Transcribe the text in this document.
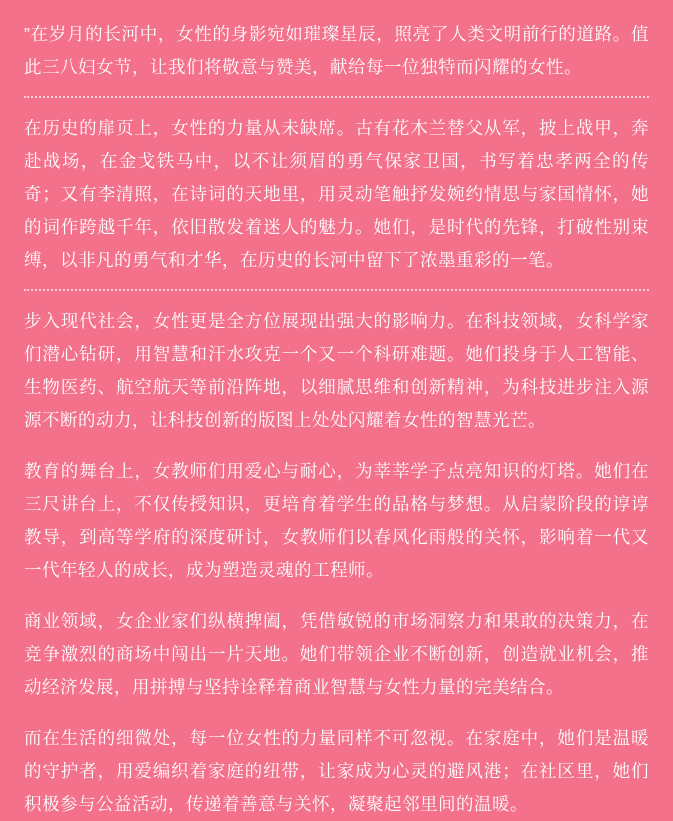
”在岁月的长河中，女性的身影宛如璀璨星辰，照亮了人类文明前行的道路。值此三八妇女节，让我们将敬意与赞美，献给每一位独特而闪耀的女性。

在历史的扉页上，女性的力量从未缺席。古有花木兰替父从军，披上战甲，奔赴战场，在金戈铁马中，以不让须眉的勇气保家卫国，书写着忠孝两全的传奇；又有李清照，在诗词的天地里，用灵动笔触抒发婉约情思与家国情怀，她的词作跨越千年，依旧散发着迷人的魅力。她们，是时代的先锋，打破性别束缚，以非凡的勇气和才华，在历史的长河中留下了浓墨重彩的一笔。

步入现代社会，女性更是全方位展现出强大的影响力。在科技领域，女科学家们潜心钻研，用智慧和汗水攻克一个又一个科研难题。她们投身于人工智能、生物医药、航空航天等前沿阵地，以细腻思维和创新精神，为科技进步注入源源不断的动力，让科技创新的版图上处处闪耀着女性的智慧光芒。

教育的舞台上，女教师们用爱心与耐心，为莘莘学子点亮知识的灯塔。她们在三尺讲台上，不仅传授知识，更培育着学生的品格与梦想。从启蒙阶段的谆谆教导，到高等学府的深度研讨，女教师们以春风化雨般的关怀，影响着一代又一代年轻人的成长，成为塑造灵魂的工程师。

商业领域，女企业家们纵横捭阖，凭借敏锐的市场洞察力和果敢的决策力，在竞争激烈的商场中闯出一片天地。她们带领企业不断创新，创造就业机会，推动经济发展，用拼搏与坚持诠释着商业智慧与女性力量的完美结合。

而在生活的细微处，每一位女性的力量同样不可忽视。在家庭中，她们是温暖的守护者，用爱编织着家庭的纽带，让家成为心灵的避风港；在社区里，她们积极参与公益活动，传递着善意与关怀，凝聚起邻里间的温暖。
